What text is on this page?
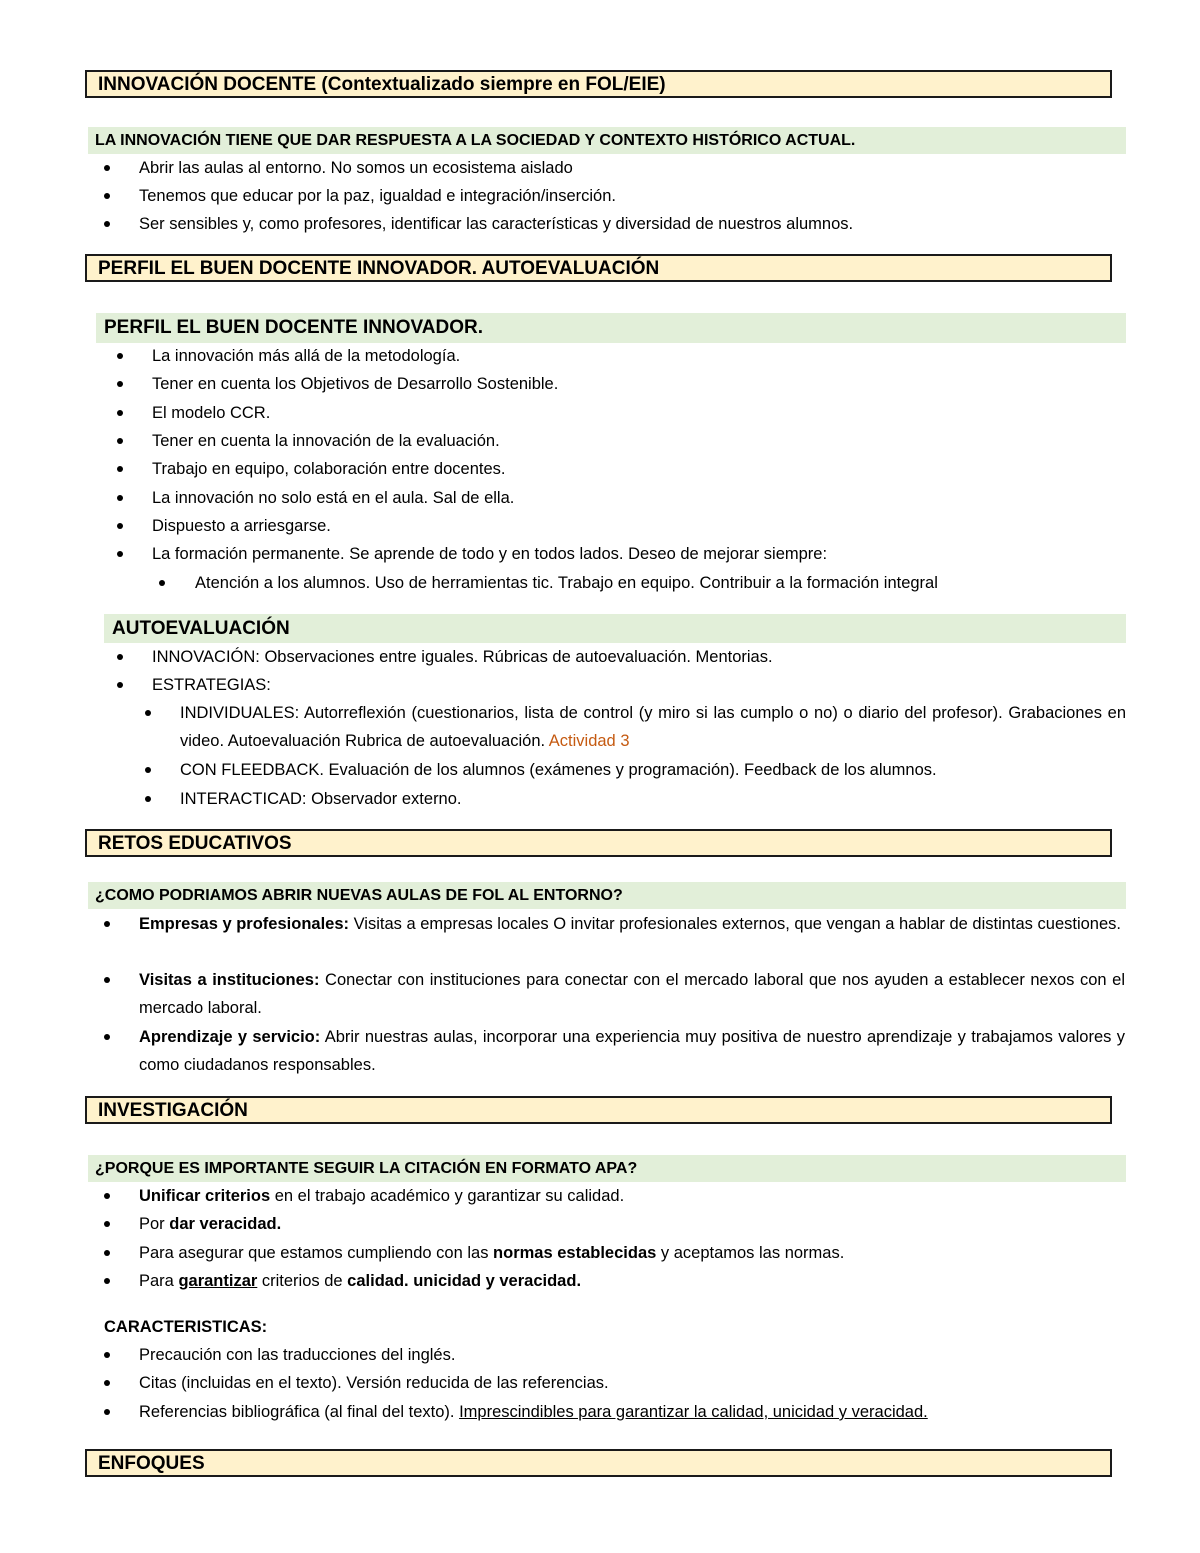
INNOVACIÓN DOCENTE (Contextualizado siempre en FOL/EIE)
LA INNOVACIÓN TIENE QUE DAR RESPUESTA A LA SOCIEDAD Y CONTEXTO HISTÓRICO ACTUAL.
Abrir las aulas al entorno. No somos un ecosistema aislado
Tenemos que educar por la paz, igualdad e integración/inserción.
Ser sensibles y, como profesores, identificar las características y diversidad de nuestros alumnos.
PERFIL EL BUEN DOCENTE INNOVADOR. AUTOEVALUACIÓN
PERFIL EL BUEN DOCENTE INNOVADOR.
La innovación más allá de la metodología.
Tener en cuenta los Objetivos de Desarrollo Sostenible.
El modelo CCR.
Tener en cuenta la innovación de la evaluación.
Trabajo en equipo, colaboración entre docentes.
La innovación no solo está en el aula. Sal de ella.
Dispuesto a arriesgarse.
La formación permanente. Se aprende de todo y en todos lados. Deseo de mejorar siempre:
Atención a los alumnos. Uso de herramientas tic. Trabajo en equipo. Contribuir a la formación integral
AUTOEVALUACIÓN
INNOVACIÓN: Observaciones entre iguales. Rúbricas de autoevaluación. Mentorias.
ESTRATEGIAS:
INDIVIDUALES: Autorreflexión (cuestionarios, lista de control (y miro si las cumplo o no) o diario del profesor). Grabaciones en video. Autoevaluación Rubrica de autoevaluación. Actividad 3
CON FLEEDBACK. Evaluación de los alumnos (exámenes y programación). Feedback de los alumnos.
INTERACTICAD: Observador externo.
RETOS EDUCATIVOS
¿COMO PODRIAMOS ABRIR NUEVAS AULAS DE FOL AL ENTORNO?
Empresas y profesionales: Visitas a empresas locales O invitar profesionales externos, que vengan a hablar de distintas cuestiones.
Visitas a instituciones: Conectar con instituciones para conectar con el mercado laboral que nos ayuden a establecer nexos con el mercado laboral.
Aprendizaje y servicio: Abrir nuestras aulas, incorporar una experiencia muy positiva de nuestro aprendizaje y trabajamos valores y como ciudadanos responsables.
INVESTIGACIÓN
¿PORQUE ES IMPORTANTE SEGUIR LA CITACIÓN EN FORMATO APA?
Unificar criterios en el trabajo académico y garantizar su calidad.
Por dar veracidad.
Para asegurar que estamos cumpliendo con las normas establecidas y aceptamos las normas.
Para garantizar criterios de calidad. unicidad y veracidad.
CARACTERISTICAS:
Precaución con las traducciones del inglés.
Citas (incluidas en el texto). Versión reducida de las referencias.
Referencias bibliográfica (al final del texto). Imprescindibles para garantizar la calidad, unicidad y veracidad.
ENFOQUES
